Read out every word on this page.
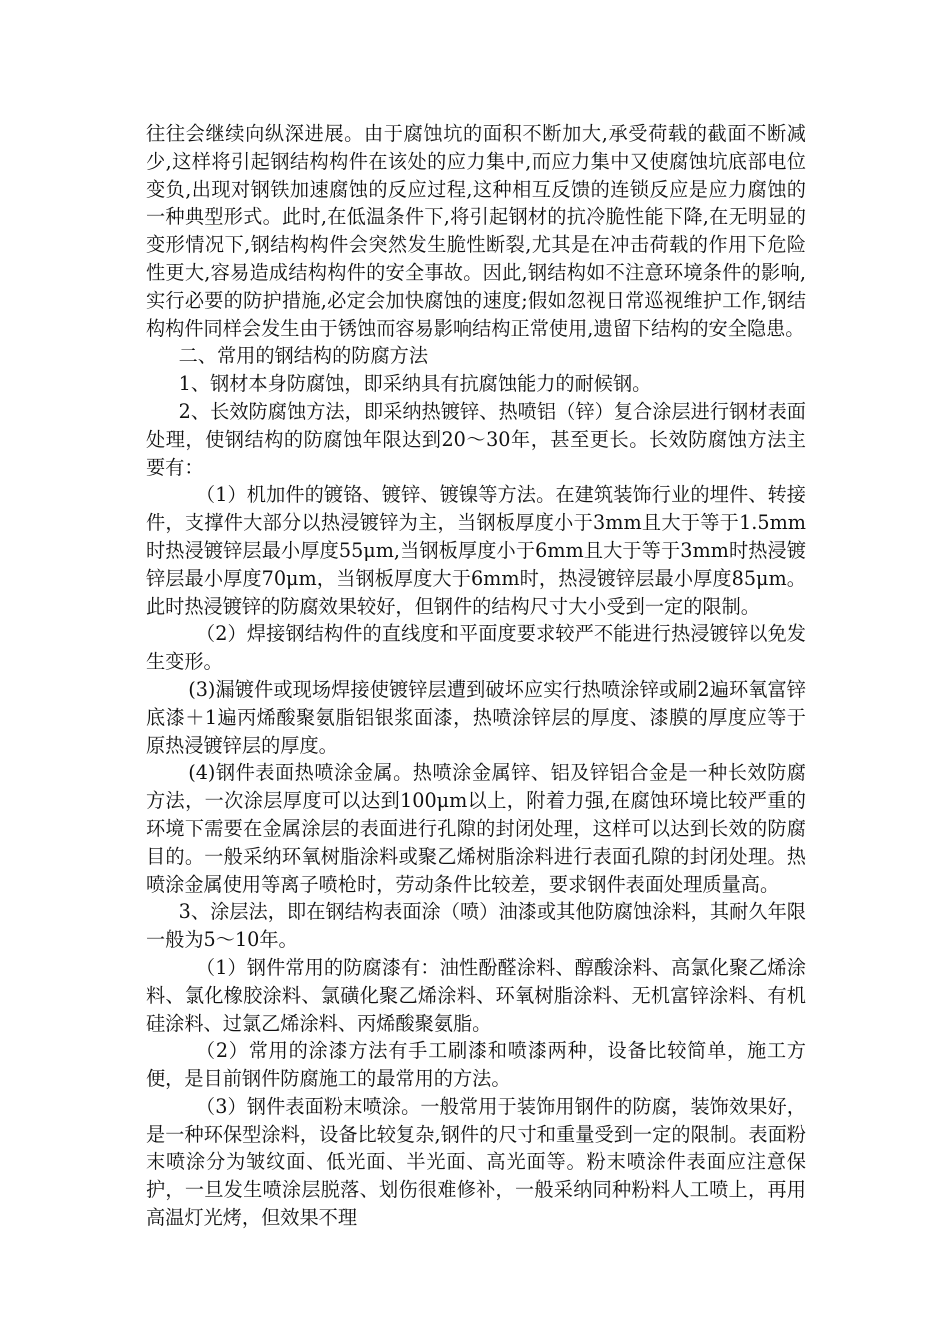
往往会继续向纵深进展。由于腐蚀坑的面积不断加大,承受荷载的截面不断减少,这样将引起钢结构构件在该处的应力集中,而应力集中又使腐蚀坑底部电位变负,出现对钢铁加速腐蚀的反应过程,这种相互反馈的连锁反应是应力腐蚀的一种典型形式。此时,在低温条件下,将引起钢材的抗冷脆性能下降,在无明显的变形情况下,钢结构构件会突然发生脆性断裂,尤其是在冲击荷载的作用下危险性更大,容易造成结构构件的安全事故。因此,钢结构如不注意环境条件的影响,实行必要的防护措施,必定会加快腐蚀的速度;假如忽视日常巡视维护工作,钢结构构件同样会发生由于锈蚀而容易影响结构正常使用,遗留下结构的安全隐患。

二、常用的钢结构的防腐方法

1、钢材本身防腐蚀，即采纳具有抗腐蚀能力的耐候钢。

2、长效防腐蚀方法，即采纳热镀锌、热喷铝（锌）复合涂层进行钢材表面处理，使钢结构的防腐蚀年限达到20～30年，甚至更长。长效防腐蚀方法主要有：

（1）机加件的镀铬、镀锌、镀镍等方法。在建筑装饰行业的埋件、转接件，支撑件大部分以热浸镀锌为主，当钢板厚度小于3mm且大于等于1.5mm时热浸镀锌层最小厚度55μm,当钢板厚度小于6mm且大于等于3mm时热浸镀锌层最小厚度70μm，当钢板厚度大于6mm时，热浸镀锌层最小厚度85μm。此时热浸镀锌的防腐效果较好，但钢件的结构尺寸大小受到一定的限制。

（2）焊接钢结构件的直线度和平面度要求较严不能进行热浸镀锌以免发生变形。

(3)漏镀件或现场焊接使镀锌层遭到破坏应实行热喷涂锌或刷2遍环氧富锌底漆＋1遍丙烯酸聚氨脂铝银浆面漆，热喷涂锌层的厚度、漆膜的厚度应等于原热浸镀锌层的厚度。

(4)钢件表面热喷涂金属。热喷涂金属锌、铝及锌铝合金是一种长效防腐方法，一次涂层厚度可以达到100μm以上，附着力强,在腐蚀环境比较严重的环境下需要在金属涂层的表面进行孔隙的封闭处理，这样可以达到长效的防腐目的。一般采纳环氧树脂涂料或聚乙烯树脂涂料进行表面孔隙的封闭处理。热喷涂金属使用等离子喷枪时，劳动条件比较差，要求钢件表面处理质量高。

3、涂层法，即在钢结构表面涂（喷）油漆或其他防腐蚀涂料，其耐久年限一般为5～10年。

（1）钢件常用的防腐漆有：油性酚醛涂料、醇酸涂料、高氯化聚乙烯涂料、氯化橡胶涂料、氯磺化聚乙烯涂料、环氧树脂涂料、无机富锌涂料、有机硅涂料、过氯乙烯涂料、丙烯酸聚氨脂。

（2）常用的涂漆方法有手工刷漆和喷漆两种，设备比较简单，施工方便，是目前钢件防腐施工的最常用的方法。

（3）钢件表面粉末喷涂。一般常用于装饰用钢件的防腐，装饰效果好，是一种环保型涂料，设备比较复杂,钢件的尺寸和重量受到一定的限制。表面粉末喷涂分为皱纹面、低光面、半光面、高光面等。粉末喷涂件表面应注意保护，一旦发生喷涂层脱落、划伤很难修补，一般采纳同种粉料人工喷上，再用高温灯光烤，但效果不理
